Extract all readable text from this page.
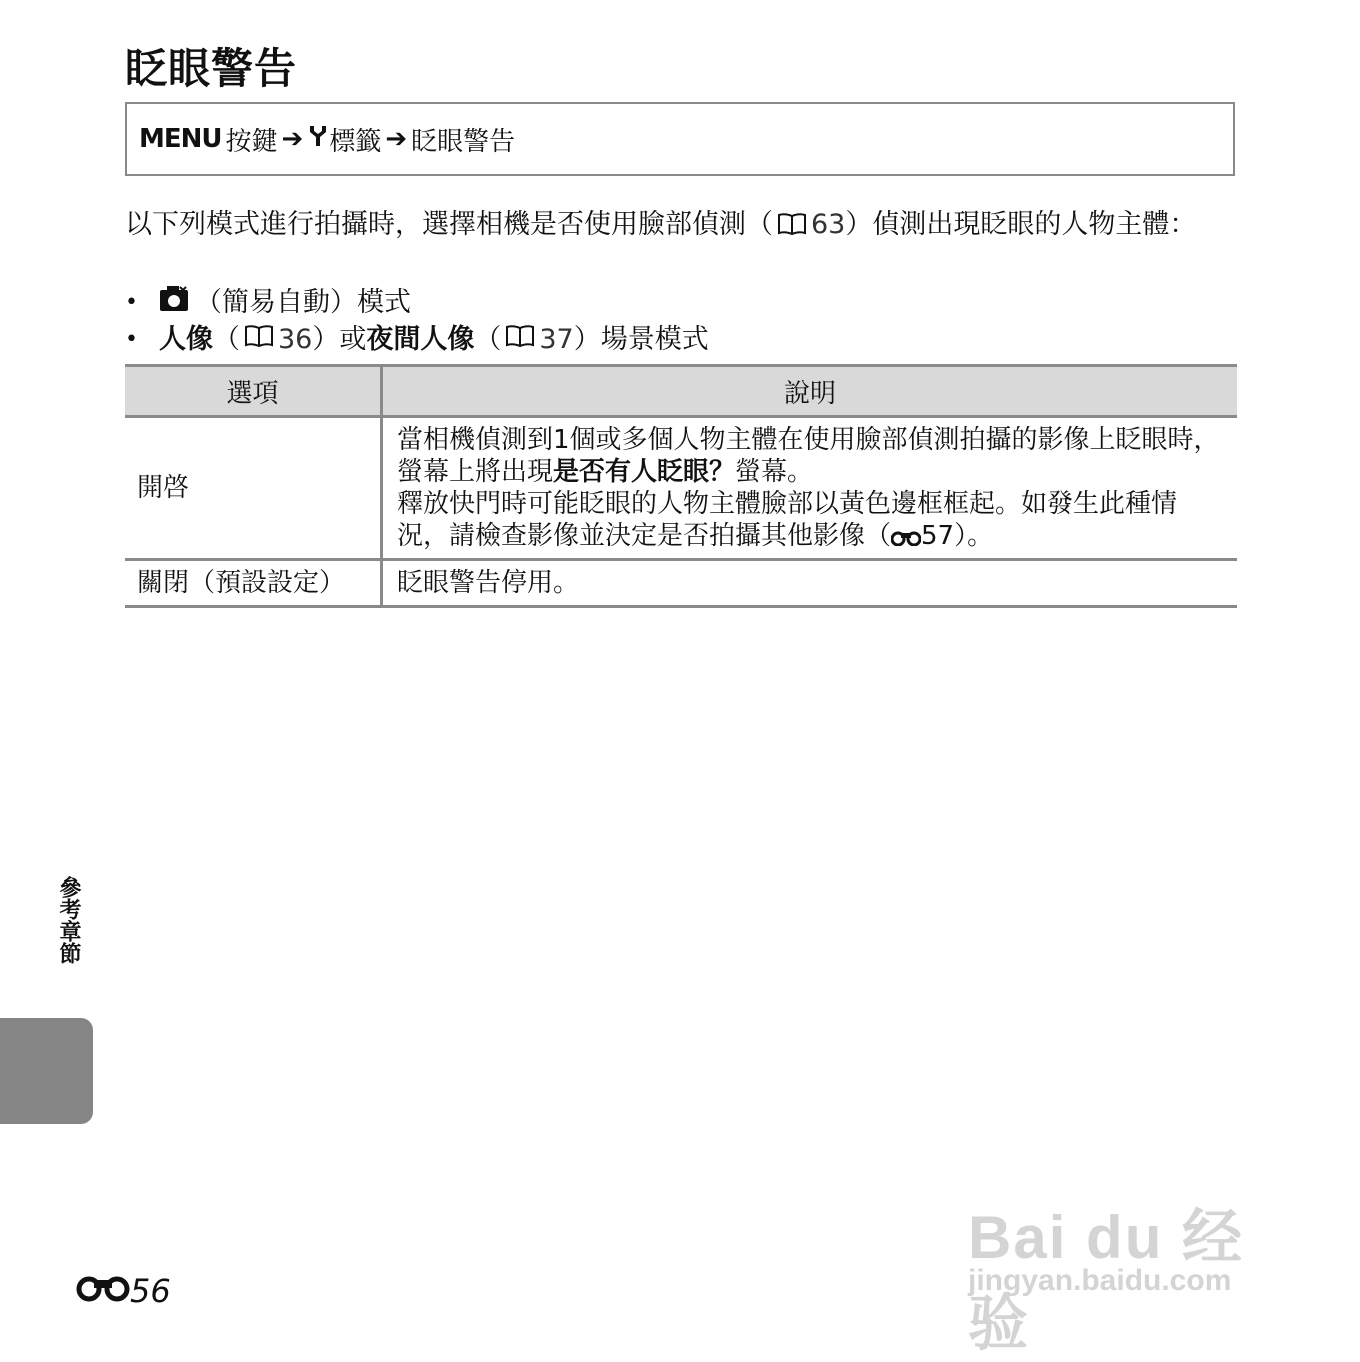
眨眼警告
MENU 按鍵 ➔ 標籤 ➔ 眨眼警告

以下列模式進行拍攝時，選擇相機是否使用臉部偵測（ 63）偵測出現眨眼的人物主體：

•	（簡易自動）模式
• 人像 （ 36 ）或 夜間人像 （ 37 ）場景模式
選項	說明
開啓	當相機偵測到1個或多個人物主體在使用臉部偵測拍攝的影像上眨眼時，螢幕上將出現是否有人眨眼？螢幕。
釋放快門時可能眨眼的人物主體臉部以黃色邊框框起。如發生此種情況，請檢查影像並決定是否拍攝其他影像（ 57）。
關閉（預設設定）	眨眼警告停用。
參考章節
56
Bai du 经验
jingyan.baidu.com
